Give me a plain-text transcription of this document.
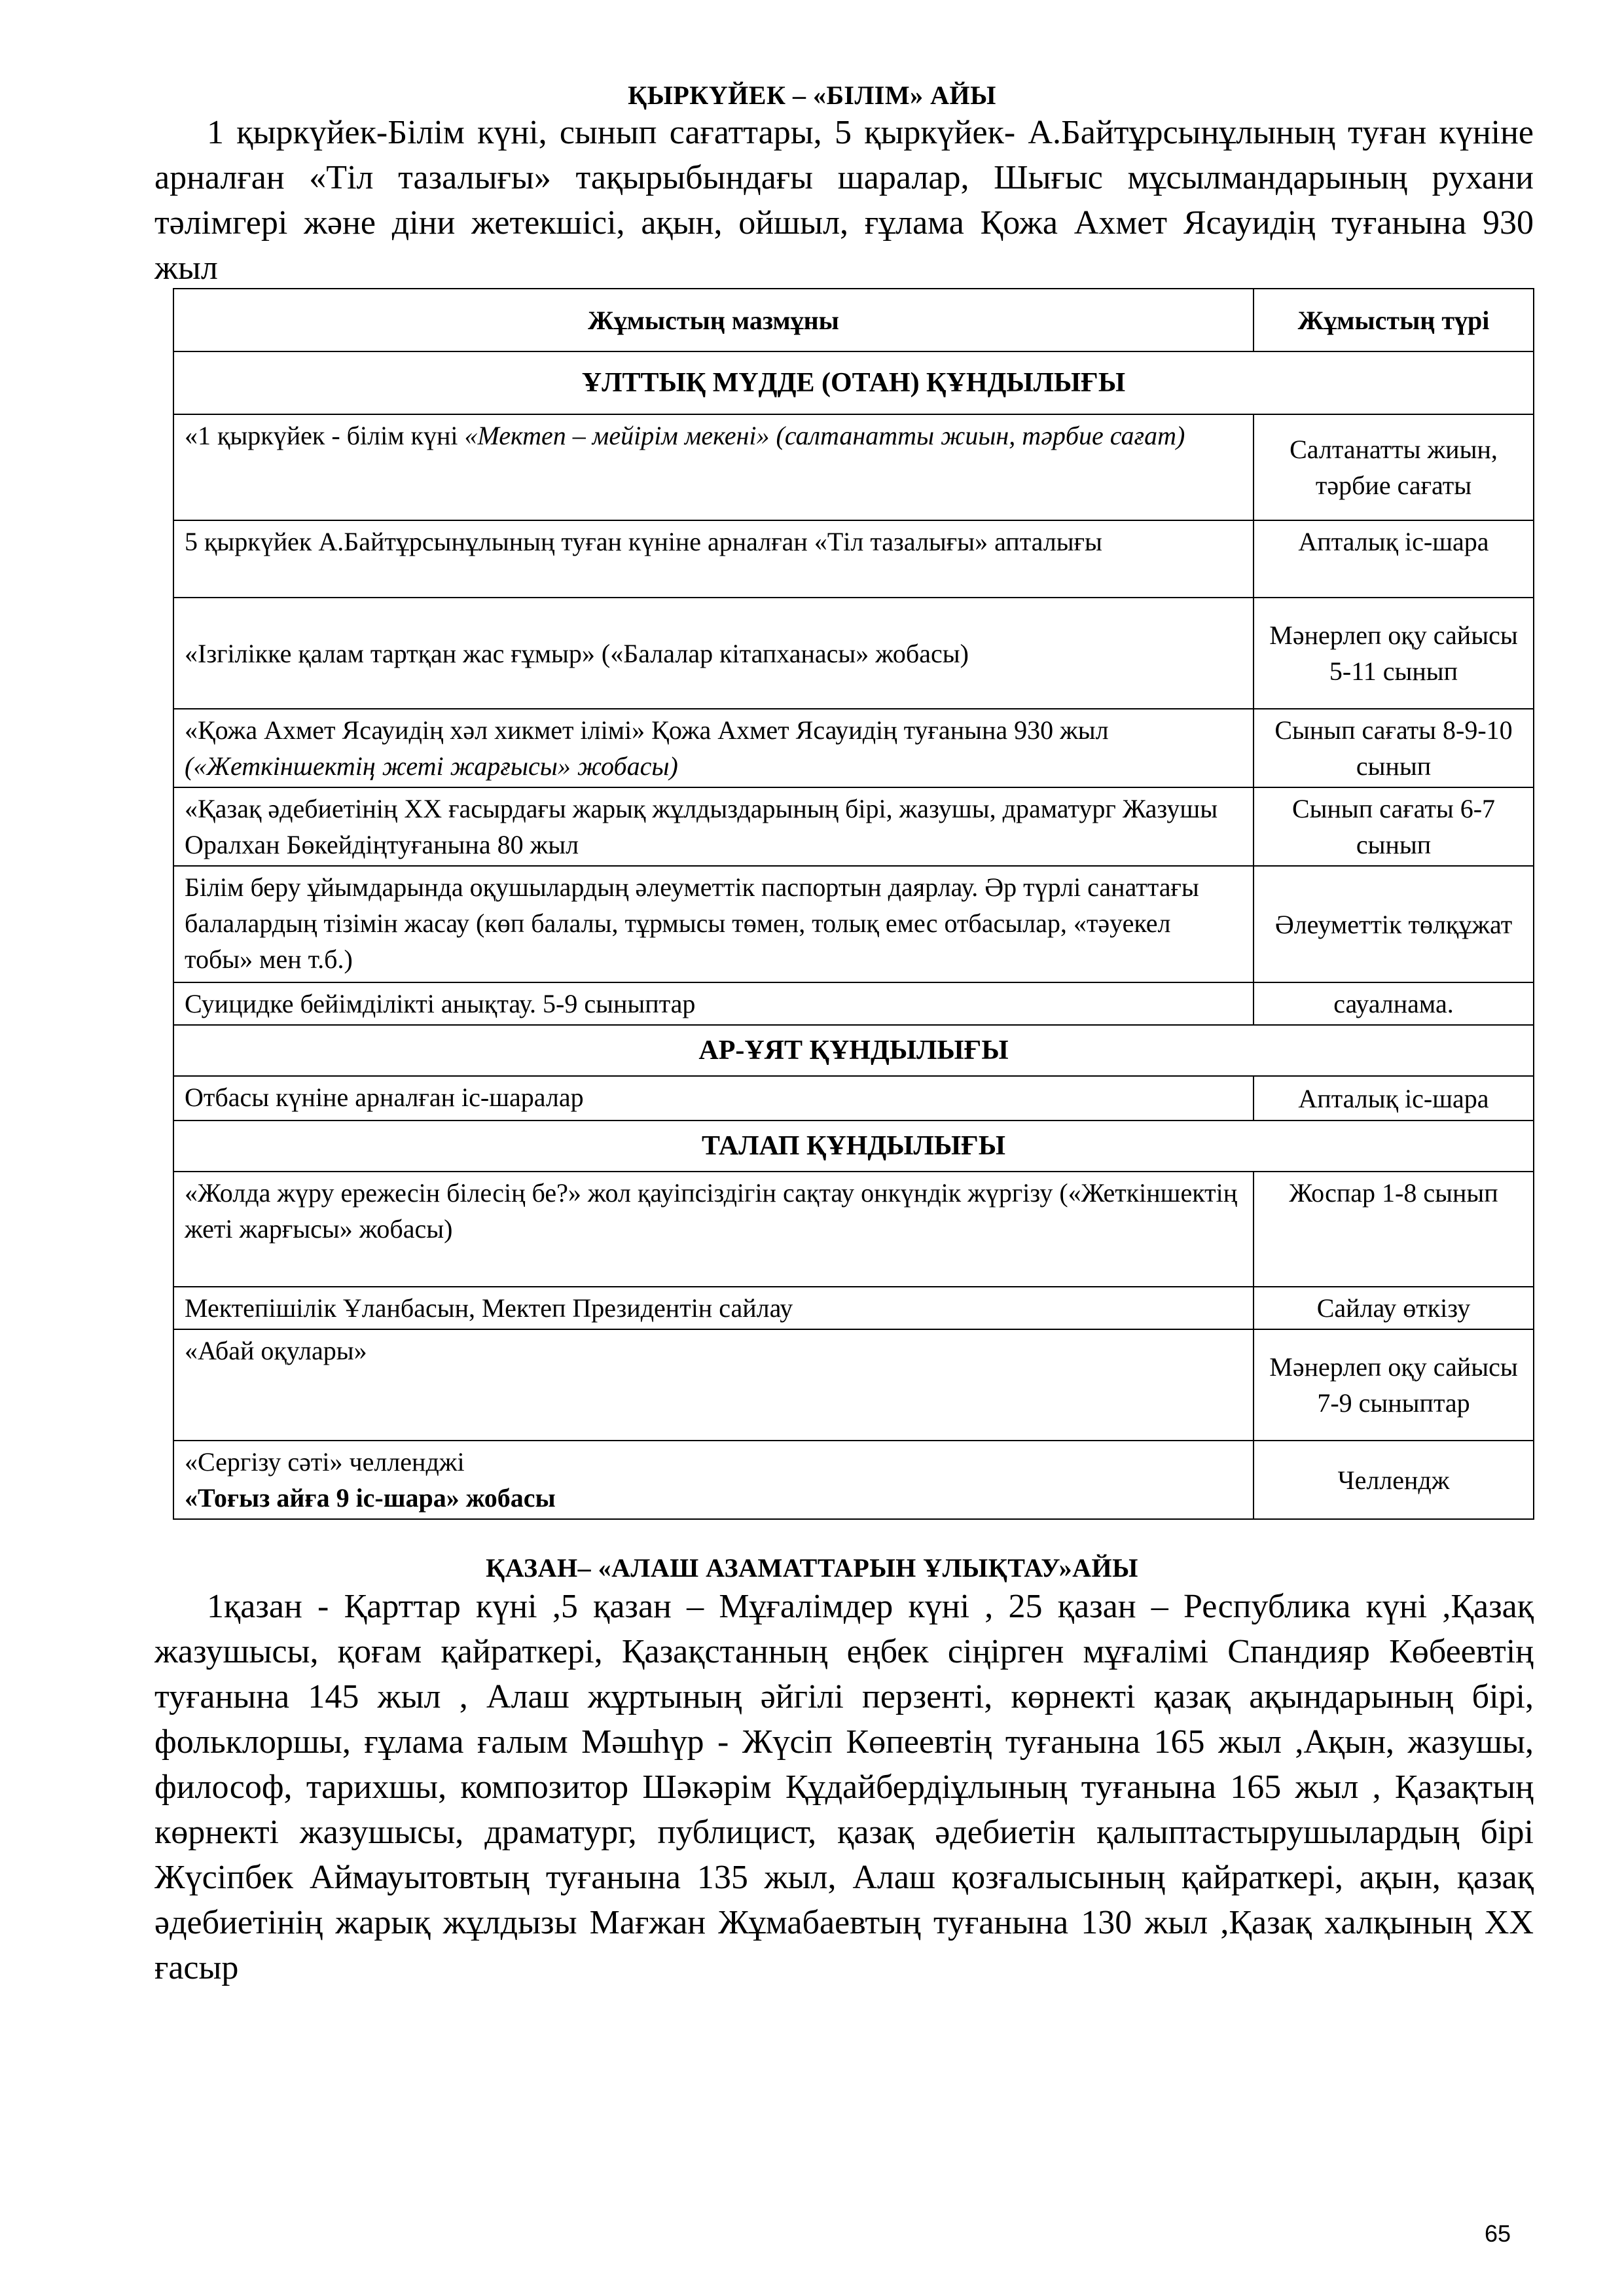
ҚЫРКҮЙЕК – «БІЛІМ» АЙЫ
1 қыркүйек-Білім күні, сынып сағаттары, 5 қыркүйек- А.Байтұрсынұлының туған күніне арналған «Тіл тазалығы» тақырыбындағы шаралар, Шығыс мұсылмандарының рухани тәлімгері және діни жетекшісі, ақын, ойшыл, ғұлама Қожа Ахмет Ясауидің туғанына 930 жыл
Жұмыстың мазмұны	Жұмыстың түрі
ҰЛТТЫҚ МҮДДЕ (ОТАН) ҚҰНДЫЛЫҒЫ	
«1 қыркүйек - білім күні «Мектеп – мейірім мекені» (салтанатты жиын, тәрбие сағат)	Салтанатты жиын, тәрбие сағаты
5 қыркүйек А.Байтұрсынұлының туған күніне арналған «Тіл тазалығы» апталығы	Апталық іс-шара
«Ізгілікке қалам тартқан жас ғұмыр» («Балалар кітапханасы» жобасы)	Мәнерлеп оқу сайысы 5-11 сынып
«Қожа Ахмет Ясауидің хәл хикмет ілімі» Қожа Ахмет Ясауидің туғанына 930 жыл («Жеткіншектің жеті жарғысы» жобасы)	Сынып сағаты 8-9-10 сынып
«Қазақ әдебиетінің XX ғасырдағы жарық жұлдыздарының бірі, жазушы, драматург Жазушы Оралхан Бөкейдіңтуғанына 80 жыл	Сынып сағаты 6-7 сынып
Білім беру ұйымдарында оқушылардың әлеуметтік паспортын даярлау. Әр түрлі санаттағы балалардың тізімін жасау (көп балалы, тұрмысы төмен, толық емес отбасылар, «тәуекел тобы» мен т.б.)	Әлеуметтік төлқұжат
Суицидке бейімділікті анықтау. 5-9 сыныптар	сауалнама.
АР-ҰЯТ ҚҰНДЫЛЫҒЫ	
Отбасы күніне арналған іс-шаралар	Апталық іс-шара
ТАЛАП ҚҰНДЫЛЫҒЫ	
«Жолда жүру ережесін білесің бе?» жол қауіпсіздігін сақтау онкүндік жүргізу («Жеткіншектің жеті жарғысы» жобасы)	Жоспар 1-8 сынып
Мектепішілік Ұланбасын, Мектеп Президентін сайлау	Сайлау өткізу
«Абай оқулары»	Мәнерлеп оқу сайысы 7-9 сыныптар
«Сергізу сәті» челленджі
«Тоғыз айға 9 іс-шара» жобасы	Челлендж
ҚАЗАН– «АЛАШ АЗАМАТТАРЫН ҰЛЫҚТАУ»АЙЫ
1қазан - Қарттар күні ,5 қазан – Мұғалімдер күні , 25 қазан – Республика күні ,Қазақ жазушысы, қоғам қайраткері, Қазақстанның еңбек сіңірген мұғалімі Спандияр Көбеевтің туғанына 145 жыл , Алаш жұртының әйгілі перзенті, көрнекті қазақ ақындарының бірі, фольклоршы, ғұлама ғалым Мәшһүр - Жүсіп Көпеевтің туғанына 165 жыл ,Ақын, жазушы, философ, тарихшы, композитор Шәкәрім Құдайбердіұлының туғанына 165 жыл , Қазақтың көрнекті жазушысы, драматург, публицист, қазақ әдебиетін қалыптастырушылардың бірі Жүсіпбек Аймауытовтың туғанына 135 жыл, Алаш қозғалысының қайраткері, ақын, қазақ әдебиетінің жарық жұлдызы Мағжан Жұмабаевтың туғанына 130 жыл ,Қазақ халқының XX ғасыр
65
